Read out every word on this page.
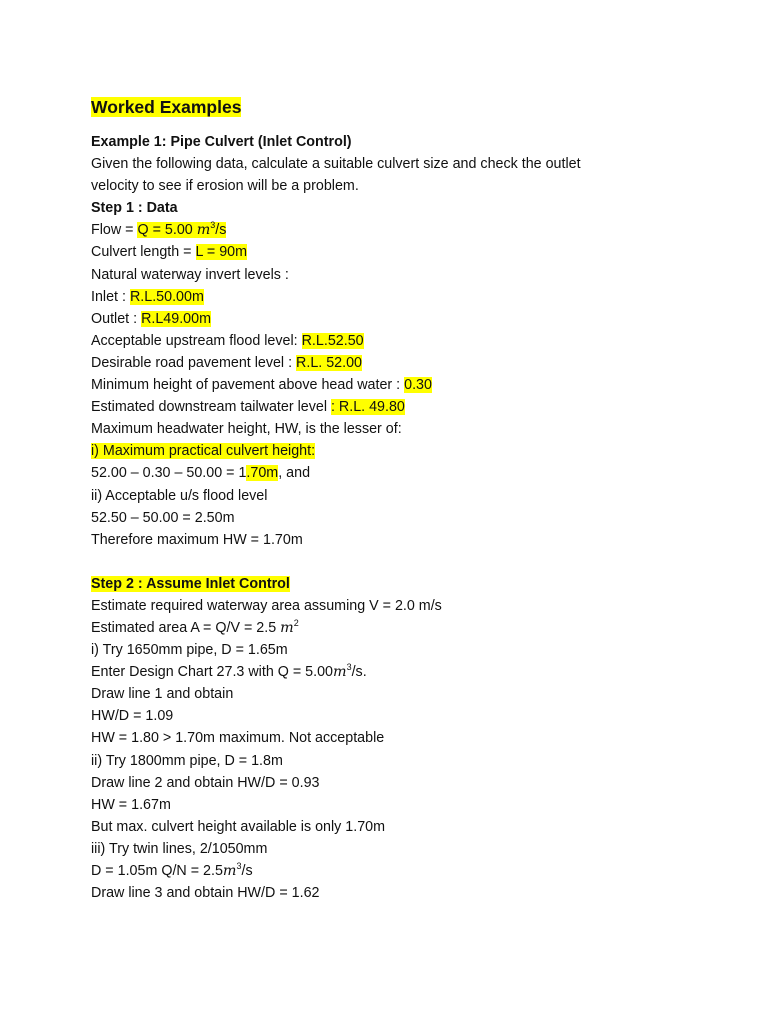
Worked Examples
Example 1: Pipe Culvert (Inlet Control)
Given the following data, calculate a suitable culvert size and check the outlet
velocity to see if erosion will be a problem.
Step 1 : Data
Flow = Q = 5.00 $m^3/s$
Culvert length = L = 90m
Natural waterway invert levels :
Inlet : R.L.50.00m
Outlet : R.L49.00m
Acceptable upstream flood level: R.L.52.50
Desirable road pavement level : R.L. 52.00
Minimum height of pavement above head water : 0.30
Estimated downstream tailwater level : R.L. 49.80
Maximum headwater height, HW, is the lesser of:
i) Maximum practical culvert height:
52.00 – 0.30 – 50.00 = 1.70m, and
ii) Acceptable u/s flood level
52.50 – 50.00 = 2.50m
Therefore maximum HW = 1.70m
Step 2 : Assume Inlet Control
Estimate required waterway area assuming V = 2.0 m/s
Estimated area A = Q/V = 2.5 $m^2$
i) Try 1650mm pipe, D = 1.65m
Enter Design Chart 27.3 with $Q = 5.00m^3/s$.
Draw line 1 and obtain
HW/D = 1.09
HW = 1.80 > 1.70m maximum. Not acceptable
ii) Try 1800mm pipe, D = 1.8m
Draw line 2 and obtain HW/D = 0.93
HW = 1.67m
But max. culvert height available is only 1.70m
iii) Try twin lines, 2/1050mm
D = 1.05m $Q/N = 2.5m^3/s$
Draw line 3 and obtain HW/D = 1.62
